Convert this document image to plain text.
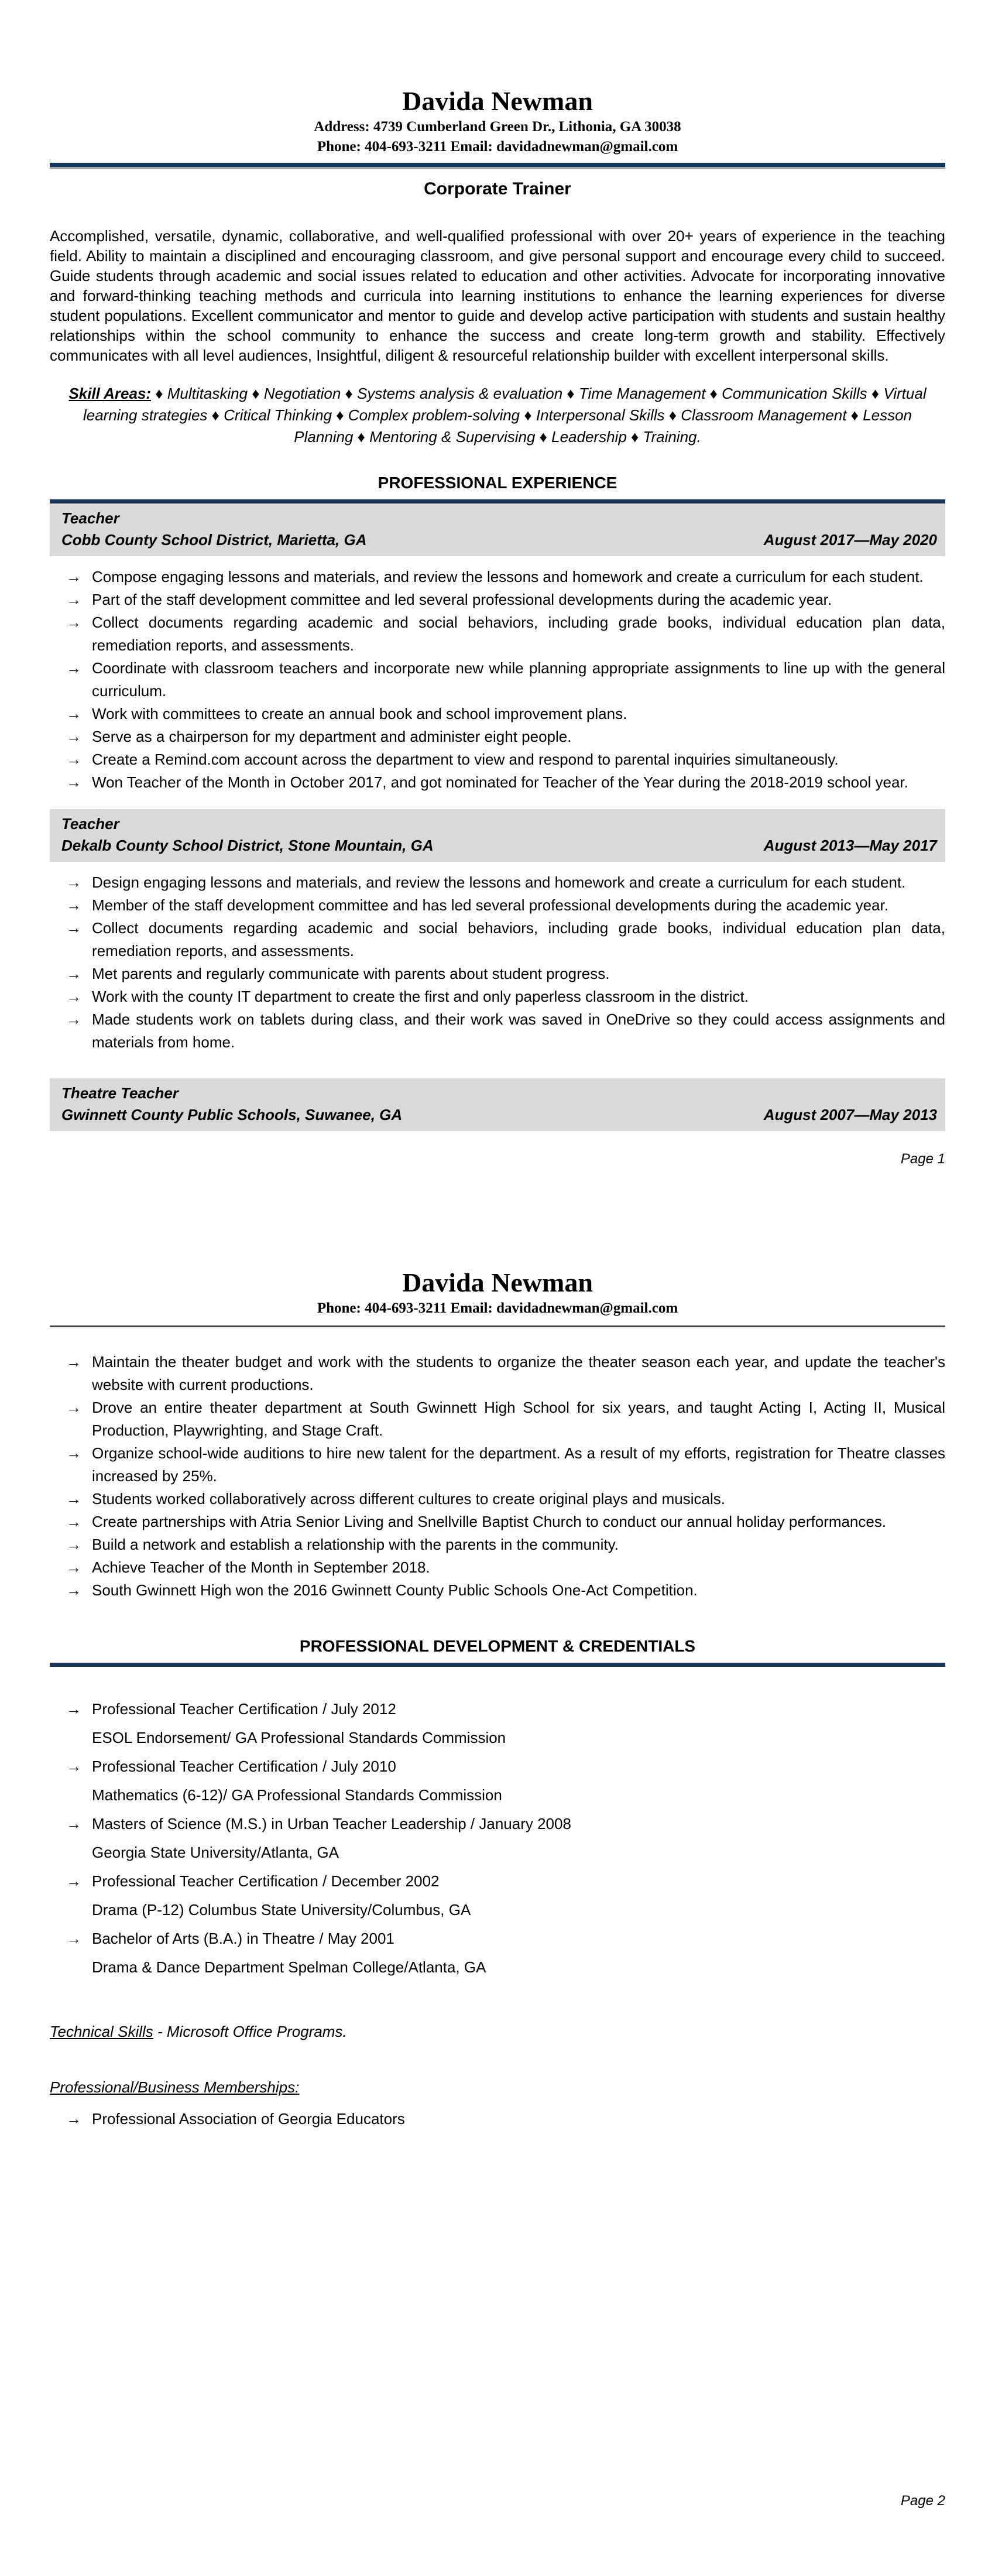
Davida Newman
Address: 4739 Cumberland Green Dr., Lithonia, GA 30038
Phone: 404-693-3211 Email: davidadnewman@gmail.com
Corporate Trainer

Accomplished, versatile, dynamic, collaborative, and well-qualified professional with over 20+ years of experience in the teaching field. Ability to maintain a disciplined and encouraging classroom, and give personal support and encourage every child to succeed. Guide students through academic and social issues related to education and other activities. Advocate for incorporating innovative and forward-thinking teaching methods and curricula into learning institutions to enhance the learning experiences for diverse student populations. Excellent communicator and mentor to guide and develop active participation with students and sustain healthy relationships within the school community to enhance the success and create long-term growth and stability. Effectively communicates with all level audiences, Insightful, diligent & resourceful relationship builder with excellent interpersonal skills.

Skill Areas: ♦ Multitasking ♦ Negotiation ♦ Systems analysis & evaluation ♦ Time Management ♦ Communication Skills ♦ Virtual learning strategies ♦ Critical Thinking ♦ Complex problem-solving ♦ Interpersonal Skills ♦ Classroom Management ♦ Lesson Planning ♦ Mentoring & Supervising ♦ Leadership ♦ Training.

PROFESSIONAL EXPERIENCE
Teacher
Cobb County School District, Marietta, GA	August 2017—May 2020
→ Compose engaging lessons and materials, and review the lessons and homework and create a curriculum for each student.
→ Part of the staff development committee and led several professional developments during the academic year.
→ Collect documents regarding academic and social behaviors, including grade books, individual education plan data, remediation reports, and assessments.
→ Coordinate with classroom teachers and incorporate new while planning appropriate assignments to line up with the general curriculum.
→ Work with committees to create an annual book and school improvement plans.
→ Serve as a chairperson for my department and administer eight people.
→ Create a Remind.com account across the department to view and respond to parental inquiries simultaneously.
→ Won Teacher of the Month in October 2017, and got nominated for Teacher of the Year during the 2018-2019 school year.
Teacher
Dekalb County School District, Stone Mountain, GA	August 2013—May 2017
→ Design engaging lessons and materials, and review the lessons and homework and create a curriculum for each student.
→ Member of the staff development committee and has led several professional developments during the academic year.
→ Collect documents regarding academic and social behaviors, including grade books, individual education plan data, remediation reports, and assessments.
→ Met parents and regularly communicate with parents about student progress.
→ Work with the county IT department to create the first and only paperless classroom in the district.
→ Made students work on tablets during class, and their work was saved in OneDrive so they could access assignments and materials from home.
Theatre Teacher
Gwinnett County Public Schools, Suwanee, GA	August 2007—May 2013
Page 1
Davida Newman
Phone: 404-693-3211 Email: davidadnewman@gmail.com
→ Maintain the theater budget and work with the students to organize the theater season each year, and update the teacher's website with current productions.
→ Drove an entire theater department at South Gwinnett High School for six years, and taught Acting I, Acting II, Musical Production, Playwrighting, and Stage Craft.
→ Organize school-wide auditions to hire new talent for the department. As a result of my efforts, registration for Theatre classes increased by 25%.
→ Students worked collaboratively across different cultures to create original plays and musicals.
→ Create partnerships with Atria Senior Living and Snellville Baptist Church to conduct our annual holiday performances.
→ Build a network and establish a relationship with the parents in the community.
→ Achieve Teacher of the Month in September 2018.
→ South Gwinnett High won the 2016 Gwinnett County Public Schools One-Act Competition.
PROFESSIONAL DEVELOPMENT & CREDENTIALS
→ Professional Teacher Certification / July 2012
ESOL Endorsement/ GA Professional Standards Commission
→ Professional Teacher Certification / July 2010
Mathematics (6-12)/ GA Professional Standards Commission
→ Masters of Science (M.S.) in Urban Teacher Leadership / January 2008
Georgia State University/Atlanta, GA
→ Professional Teacher Certification / December 2002
Drama (P-12) Columbus State University/Columbus, GA
→ Bachelor of Arts (B.A.) in Theatre / May 2001
Drama & Dance Department Spelman College/Atlanta, GA
Technical Skills - Microsoft Office Programs.
Professional/Business Memberships:
→ Professional Association of Georgia Educators
Page 2
